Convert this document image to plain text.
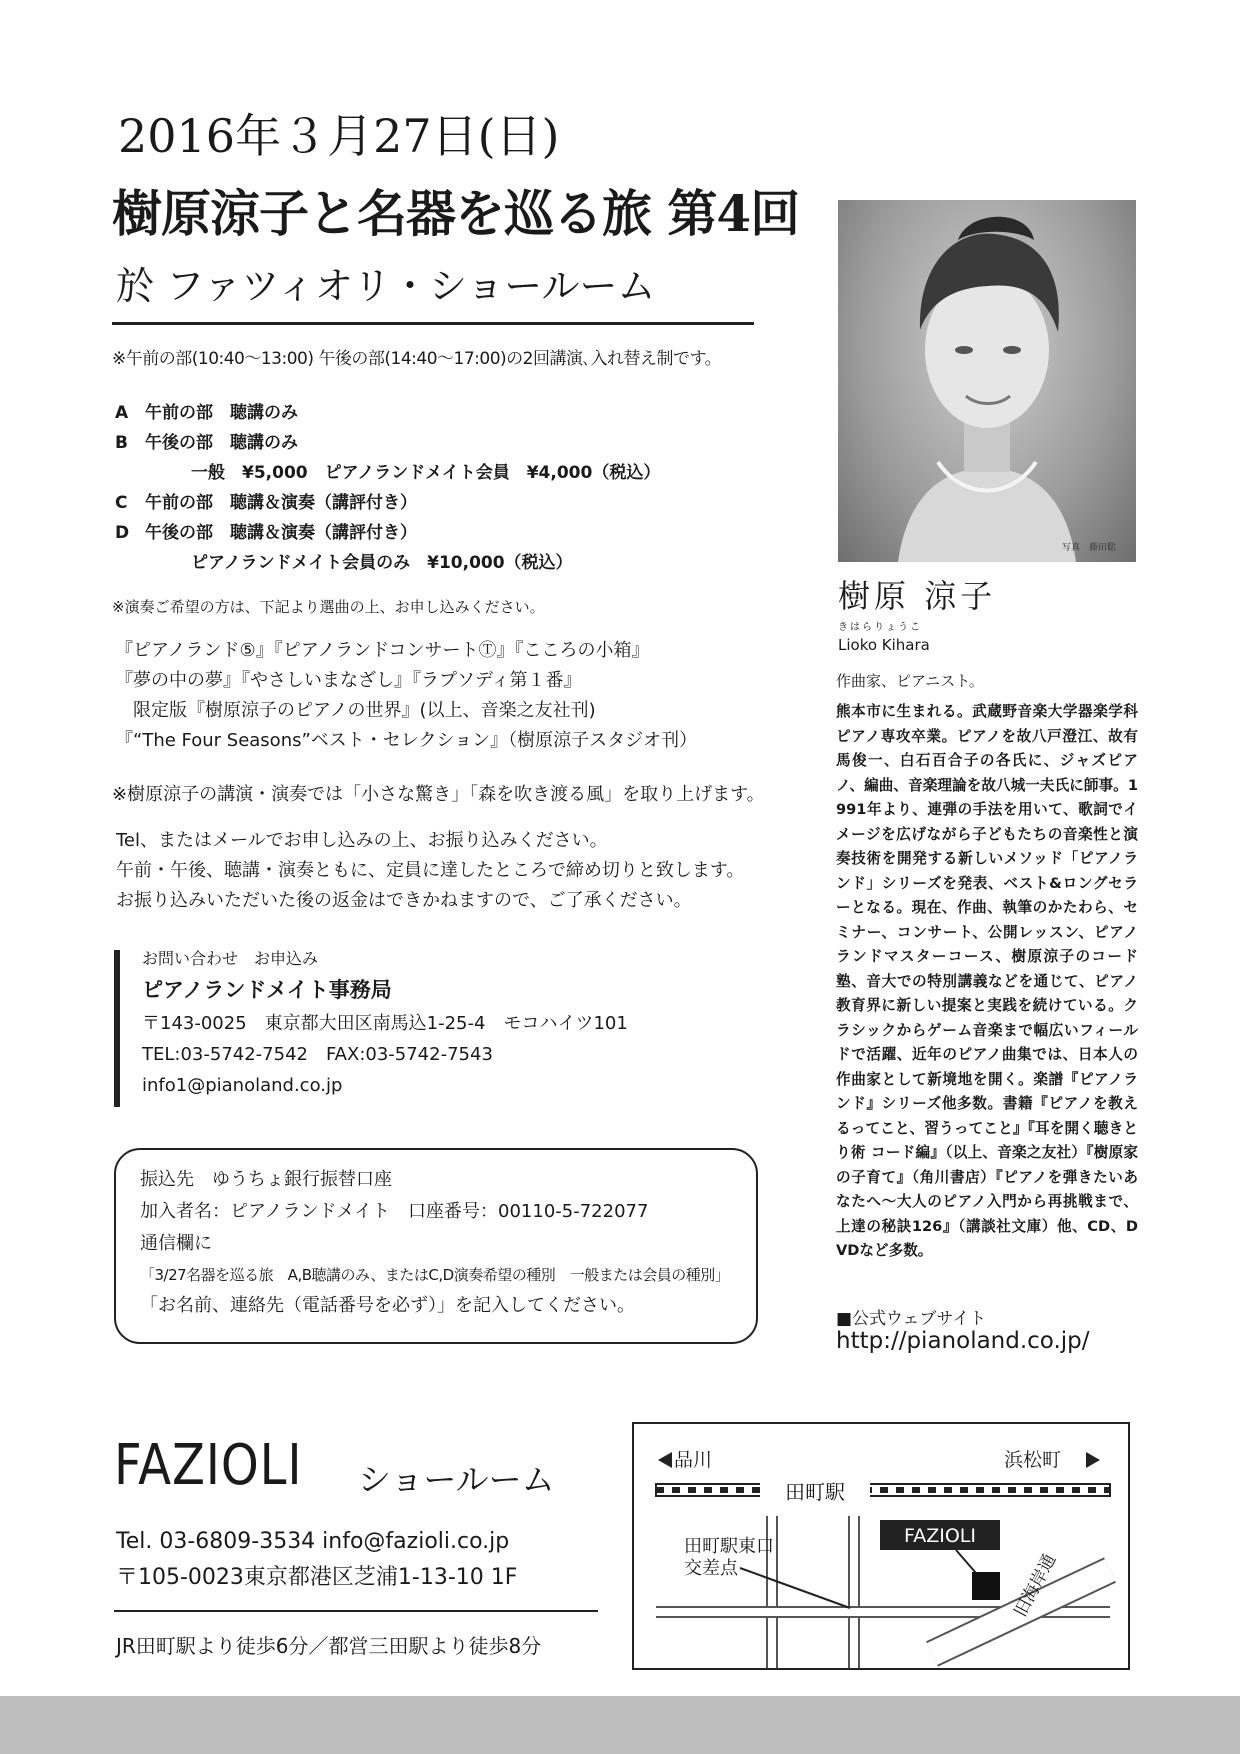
2016年３月27日(日)
樹原涼子と名器を巡る旅 第4回
於 ファツィオリ・ショールーム
※午前の部(10:40〜13:00) 午後の部(14:40〜17:00)の2回講演､入れ替え制です。
A 午前の部　聴講のみ
B 午後の部　聴講のみ
一般　¥5,000　ピアノランドメイト会員　¥4,000（税込）
C 午前の部　聴講＆演奏（講評付き）
D 午後の部　聴講＆演奏（講評付き）
ピアノランドメイト会員のみ　¥10,000（税込）
※演奏ご希望の方は、下記より選曲の上、お申し込みください。
『ピアノランド⑤』『ピアノランドコンサートⓉ』『こころの小箱』
『夢の中の夢』『やさしいまなざし』『ラプソディ第１番』
　限定版『樹原涼子のピアノの世界』(以上、音楽之友社刊)
『“The Four Seasons”ベスト・セレクション』（樹原涼子スタジオ刊）
※樹原涼子の講演・演奏では「小さな驚き」「森を吹き渡る風」を取り上げます。
Tel、またはメールでお申し込みの上、お振り込みください。
午前・午後、聴講・演奏ともに、定員に達したところで締め切りと致します。
お振り込みいただいた後の返金はできかねますので、ご了承ください。
お問い合わせ　お申込み
ピアノランドメイト事務局
〒143-0025　東京都大田区南馬込1-25-4　モコハイツ101
TEL:03-5742-7542　FAX:03-5742-7543
info1@pianoland.co.jp
振込先　ゆうちょ銀行振替口座
加入者名：ピアノランドメイト　口座番号：00110-5-722077
通信欄に
「3/27名器を巡る旅　A,B聴講のみ、またはC,D演奏希望の種別　一般または会員の種別」
「お名前、連絡先（電話番号を必ず）」を記入してください。
写真　藤田聡
樹原 涼子
きはらりょうこ
Lioko Kihara
作曲家、ピアニスト。
熊本市に生まれる。武蔵野音楽大学器楽学科ピアノ専攻卒業。ピアノを故八戸澄江、故有馬俊一、白石百合子の各氏に、ジャズピアノ、編曲、音楽理論を故八城一夫氏に師事。1991年より、連弾の手法を用いて、歌詞でイメージを広げながら子どもたちの音楽性と演奏技術を開発する新しいメソッド「ピアノランド」シリーズを発表、ベスト&ロングセラーとなる。現在、作曲、執筆のかたわら、セミナー、コンサート、公開レッスン、ピアノランドマスターコース、樹原涼子のコード塾、音大での特別講義などを通じて、ピアノ教育界に新しい提案と実践を続けている。クラシックからゲーム音楽まで幅広いフィールドで活躍、近年のピアノ曲集では、日本人の作曲家として新境地を開く。楽譜『ピアノランド』シリーズ他多数。書籍『ピアノを教えるってこと、習うってこと』『耳を開く聴きとり術 コード編』（以上、音楽之友社）『樹原家の子育て』（角川書店）『ピアノを弾きたいあなたへ〜大人のピアノ入門から再挑戦まで、上達の秘訣126』（講談社文庫）他、CD、DVDなど多数。
■公式ウェブサイト
http://pianoland.co.jp/
FAZIOLI ショールーム
Tel. 03-6809-3534 info@fazioli.co.jp
〒105-0023東京都港区芝浦1-13-10 1F
JR田町駅より徒歩6分／都営三田駅より徒歩8分
田町駅
品川	浜松町
旧海岸通
田町駅東口
交差点
FAZIOLI
